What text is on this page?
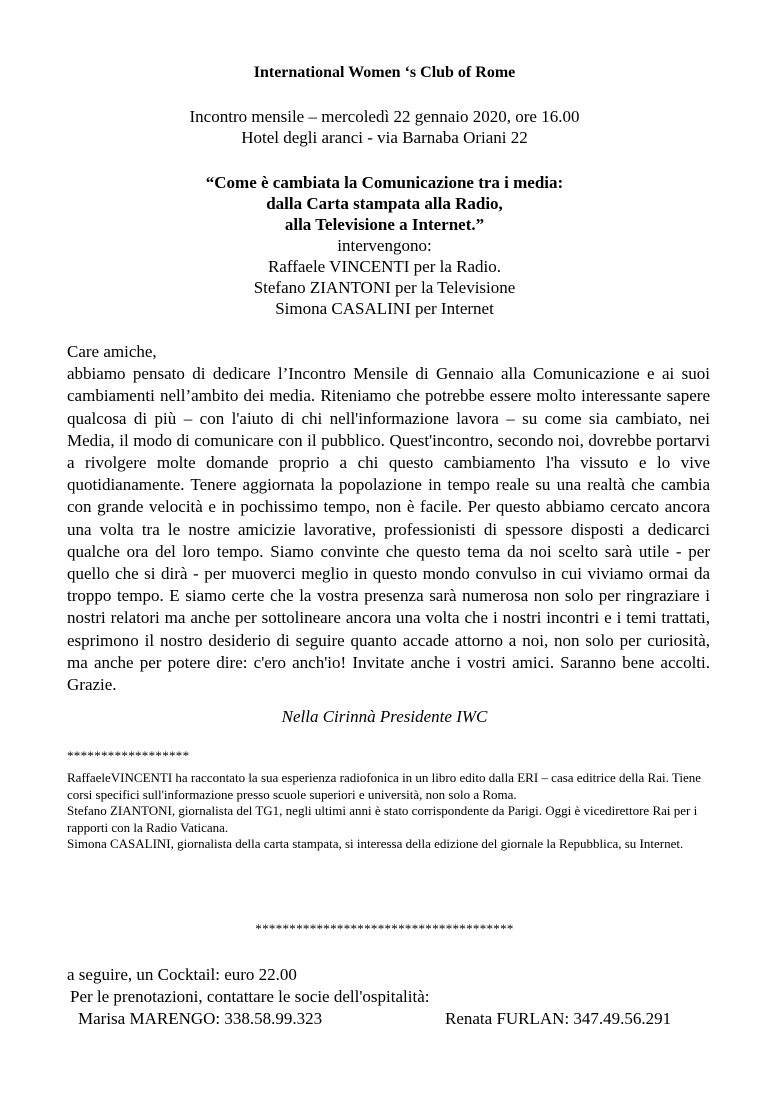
International Women ‘s Club of Rome
Incontro mensile – mercoledì 22 gennaio 2020, ore 16.00
Hotel degli aranci - via Barnaba Oriani 22
“Come è cambiata la Comunicazione tra i media:
dalla Carta stampata alla Radio,
alla Televisione a Internet.”
intervengono:
Raffaele VINCENTI per la Radio.
Stefano ZIANTONI per la Televisione
Simona CASALINI per Internet
Care amiche,
abbiamo pensato di dedicare l’Incontro Mensile di Gennaio alla Comunicazione e ai suoi cambiamenti nell’ambito dei media. Riteniamo che potrebbe essere molto interessante sapere qualcosa di più – con l'aiuto di chi nell'informazione lavora – su come sia cambiato, nei Media, il modo di comunicare con il pubblico. Quest'incontro, secondo noi, dovrebbe portarvi a rivolgere molte domande proprio a chi questo cambiamento l'ha vissuto e lo vive quotidianamente. Tenere aggiornata la popolazione in tempo reale su una realtà che cambia con grande velocità e in pochissimo tempo, non è facile. Per questo abbiamo cercato ancora una volta tra le nostre amicizie lavorative, professionisti di spessore disposti a dedicarci qualche ora del loro tempo. Siamo convinte che questo tema da noi scelto sarà utile - per quello che si dirà - per muoverci meglio in questo mondo convulso in cui viviamo ormai da troppo tempo. E siamo certe che la vostra presenza sarà numerosa non solo per ringraziare i nostri relatori ma anche per sottolineare ancora una volta che i nostri incontri e i temi trattati, esprimono il nostro desiderio di seguire quanto accade attorno a noi, non solo per curiosità, ma anche per potere dire: c'ero anch'io! Invitate anche i vostri amici. Saranno bene accolti. Grazie.
Nella Cirinnà Presidente IWC
******************

RaffaeleVINCENTI ha raccontato la sua esperienza radiofonica in un libro edito dalla ERI – casa editrice della Rai. Tiene corsi specifici sull'informazione presso scuole superiori e università, non solo a Roma.

Stefano ZIANTONI, giornalista del TG1, negli ultimi anni è stato corrispondente da Parigi. Oggi è vicedirettore Rai per i rapporti con la Radio Vaticana.

Simona CASALINI, giornalista della carta stampata, si interessa della edizione del giornale la Repubblica, su Internet.

**************************************
a seguire, un Cocktail: euro 22.00
Per le prenotazioni, contattare le socie dell'ospitalità:
Marisa MARENGO: 338.58.99.323	Renata FURLAN: 347.49.56.291
